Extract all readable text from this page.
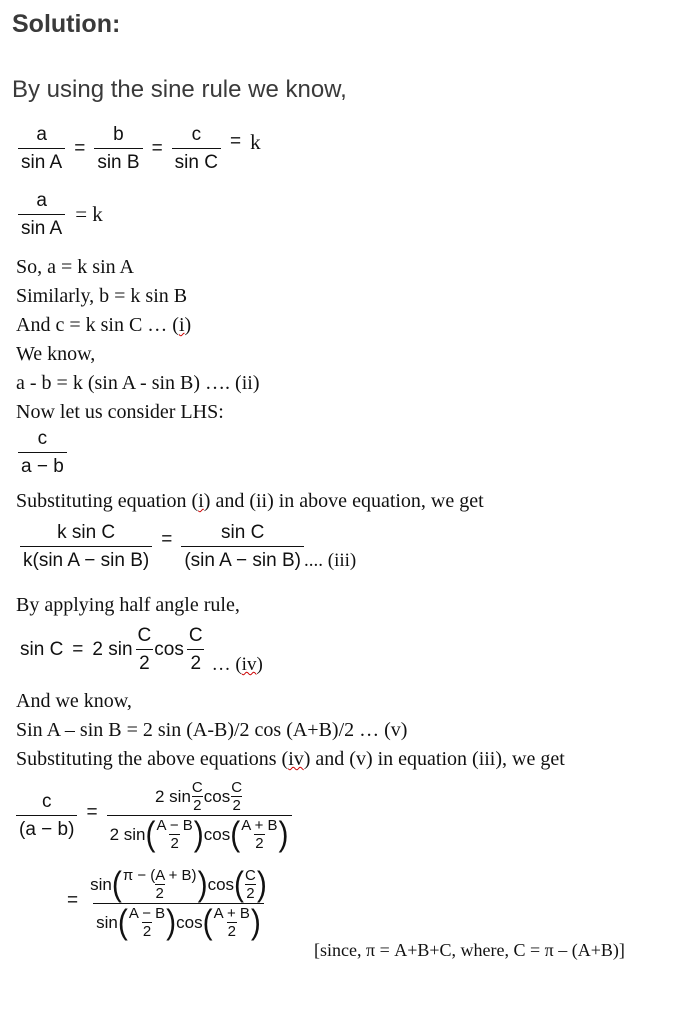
Solution:
By using the sine rule we know,
$\frac{a}{\text{sin A}} = \frac{b}{\text{sin B}} = \frac{c}{\text{sin C}} = k$
$\frac{a}{\text{sin A}} = k$
So, a = k sin A
Similarly, b = k sin B
And c = k sin C … (i)
We know,
a - b = k (sin A - sin B) …. (ii)
Now let us consider LHS:
$\frac{c}{a - b}$
Substituting equation (i) and (ii) in above equation, we get
$\frac{\text{k sin C}}{\text{k(sin A − sin B)}} = \frac{\text{sin C}}{\text{(sin A − sin B)}}$ .... (iii)
By applying half angle rule,
sin C = 2 $\sin \frac{C}{2}$ $\cos \frac{C}{2}$ … (iv)
And we know,
Sin A – sin B = 2 sin (A-B)/2 cos (A+B)/2 … (v)
Substituting the above equations (iv) and (v) in equation (iii), we get
$\frac{c}{(a - b)}$ =
2 $\sin \frac{C}{2}$ $\cos \frac{C}{2}$
2 sin ( $\frac{A - B}{2}$ ) cos ( $\frac{A + B}{2}$ )
=
sin ( $\frac{\pi - (A + B)}{2}$ ) cos ( $\frac{C}{2}$ )
sin ( $\frac{A - B}{2}$ ) cos ( $\frac{A + B}{2}$ )
[since, π = A+B+C, where, C = π – (A+B)]
